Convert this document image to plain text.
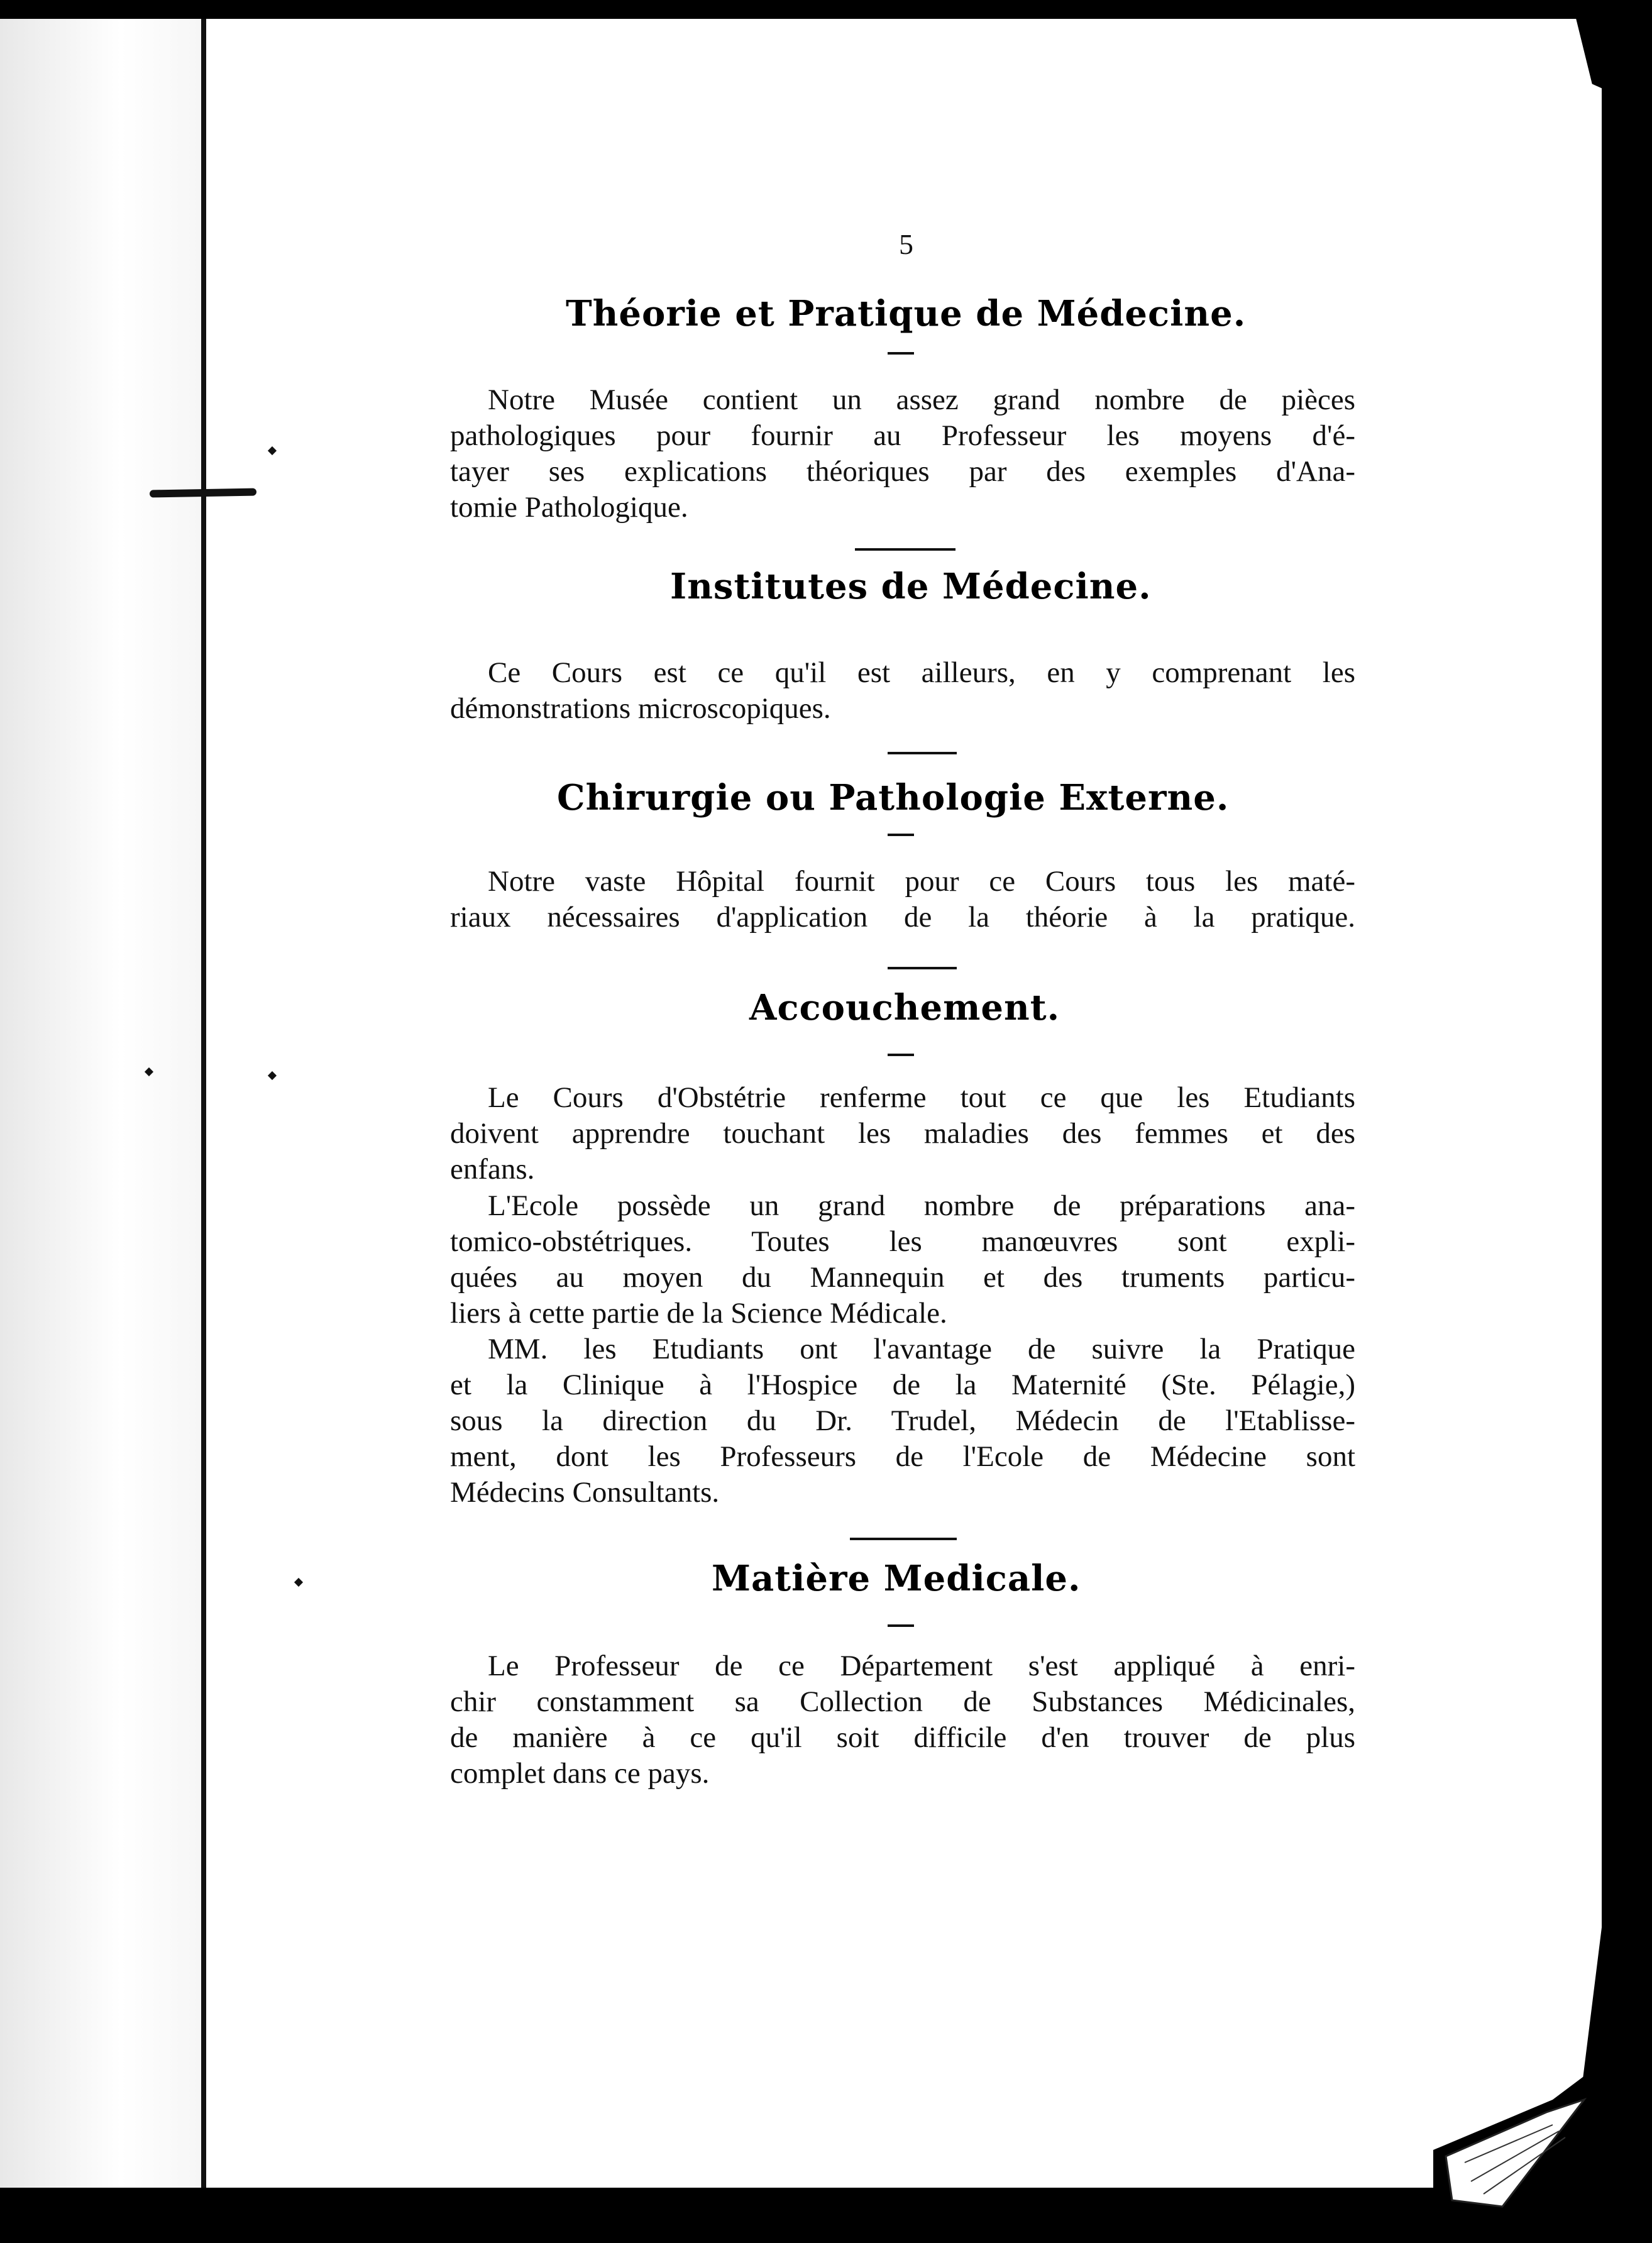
5
Théorie et Pratique de Médecine.
Notre Musée contient un assez grand nombre de pièces
pathologiques pour fournir au Professeur les moyens d'é-
tayer ses explications théoriques par des exemples d'Ana-
tomie Pathologique.
Institutes de Médecine.
Ce Cours est ce qu'il est ailleurs, en y comprenant les
démonstrations microscopiques.
Chirurgie ou Pathologie Externe.
Notre vaste Hôpital fournit pour ce Cours tous les maté-
riaux nécessaires d'application de la théorie à la pratique.
Accouchement.
Le Cours d'Obstétrie renferme tout ce que les Etudiants
doivent apprendre touchant les maladies des femmes et des
enfans.
L'Ecole possède un grand nombre de préparations ana-
tomico-obstétriques. Toutes les manœuvres sont expli-
quées au moyen du Mannequin et des truments particu-
liers à cette partie de la Science Médicale.
MM. les Etudiants ont l'avantage de suivre la Pratique
et la Clinique à l'Hospice de la Maternité (Ste. Pélagie,)
sous la direction du Dr. Trudel, Médecin de l'Etablisse-
ment, dont les Professeurs de l'Ecole de Médecine sont
Médecins Consultants.
Matière Medicale.
Le Professeur de ce Département s'est appliqué à enri-
chir constamment sa Collection de Substances Médicinales,
de manière à ce qu'il soit difficile d'en trouver de plus
complet dans ce pays.
